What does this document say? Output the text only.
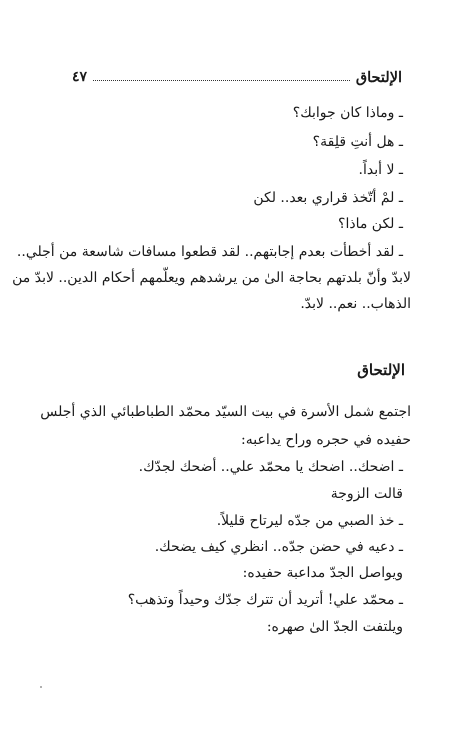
الإلتحاق
٤٧
ـ وماذا كان جوابك؟
ـ هل أنتِ قلِقة؟
ـ لا أبداً.
ـ لمْ أتّخذ قراري بعد.. لكن
ـ لكن ماذا؟
ـ لقد أخطأت بعدم إجابتهم.. لقد قطعوا مسافات شاسعة من أجلي..
لابدّ وأنّ بلدتهم بحاجة الىٰ من يرشدهم ويعلّمهم أحكام الدين.. لابدّ من
الذهاب.. نعم.. لابدّ.
الإلتحاق
اجتمع شمل الأسرة في بيت السيّد محمّد الطباطبائي الذي أجلس
حفيده في حجره وراح يداعبه:
ـ اضحك.. اضحك يا محمّد علي.. أضحك لجدّك.
قالت الزوجة
ـ خذ الصبي من جدّه ليرتاح قليلاً.
ـ دعيه في حضن جدّه.. انظري كيف يضحك.
ويواصل الجدّ مداعبة حفيده:
ـ محمّد علي! أتريد أن تترك جدّك وحيداً وتذهب؟
ويلتفت الجدّ الىٰ صهره:
